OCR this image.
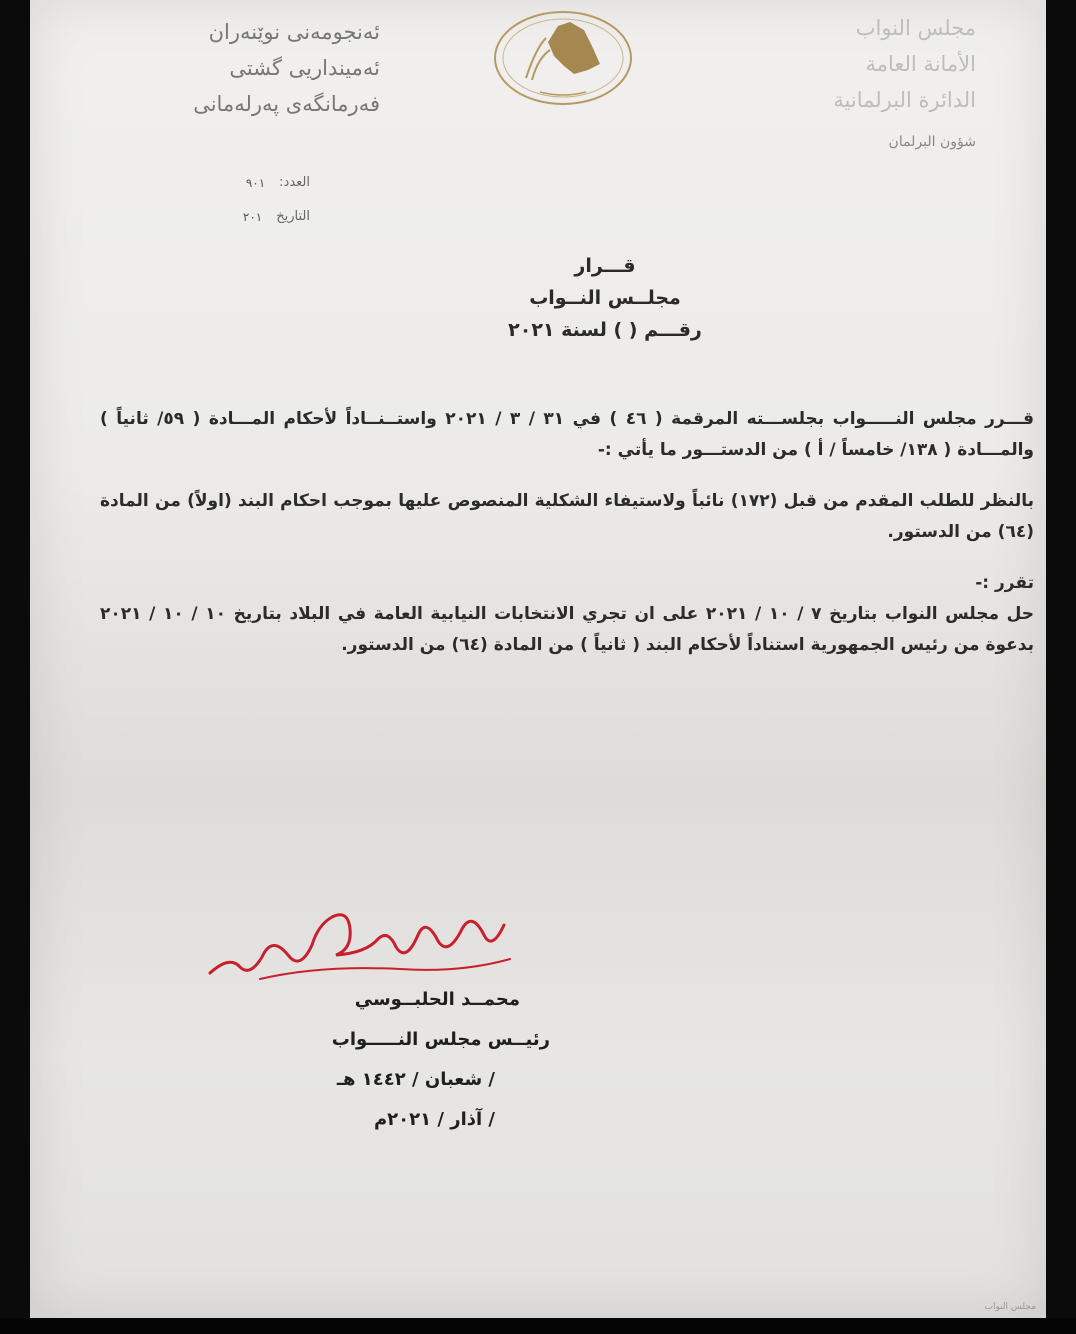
ئەنجومەنی نوێنەران
ئەمینداریی گشتی
فەرمانگەی پەرلەمانی
مجلس النواب
الأمانة العامة
الدائرة البرلمانية
شؤون البرلمان
العدد:
٩٠١
التاريخ
٢٠١
قـــرار
مجلــس النــواب
رقـــم ( ) لسنة ٢٠٢١

قـــرر مجلس النـــــواب بجلســـته المرقمة ( ٤٦ ) في ٣١ / ٣ / ٢٠٢١ واستــنــاداً لأحكام المـــادة ( ٥٩/ ثانياً ) والمـــادة ( ١٣٨/ خامساً / أ ) من الدستـــور ما يأتي :-

بالنظر للطلب المقدم من قبل (١٧٢) نائباً ولاستيفاء الشكلية المنصوص عليها بموجب احكام البند (اولاً) من المادة (٦٤) من الدستور.

تقرر :-

حل مجلس النواب بتاريخ ٧ / ١٠ / ٢٠٢١ على ان تجري الانتخابات النيابية العامة في البلاد بتاريخ ١٠ / ١٠ / ٢٠٢١ بدعوة من رئيس الجمهورية استناداً لأحكام البند ( ثانياً ) من المادة (٦٤) من الدستور.

محمــد الحلبــوسي
رئيــس مجلس النـــــواب
/ شعبان / ١٤٤٢ هـ
/ آذار / ٢٠٢١م
مجلس النواب
